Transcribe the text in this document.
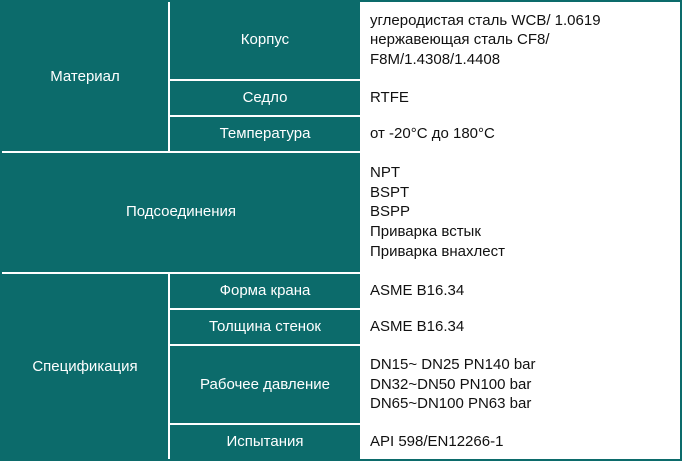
Материал	Корпус	углеродистая сталь WCB/ 1.0619
нержавеющая сталь CF8/
F8M/1.4308/1.4408

	Седло	RTFE

	Температура	от -20°C до 180°C

Подсоединения		NPT
BSPT
BSPP
Приварка встык
Приварка внахлест

Спецификация	Форма крана	ASME B16.34

	Толщина стенок	ASME B16.34

	Рабочее давление	DN15~ DN25 PN140 bar
DN32~DN50 PN100 bar
DN65~DN100 PN63 bar

	Испытания	API 598/EN12266-1
